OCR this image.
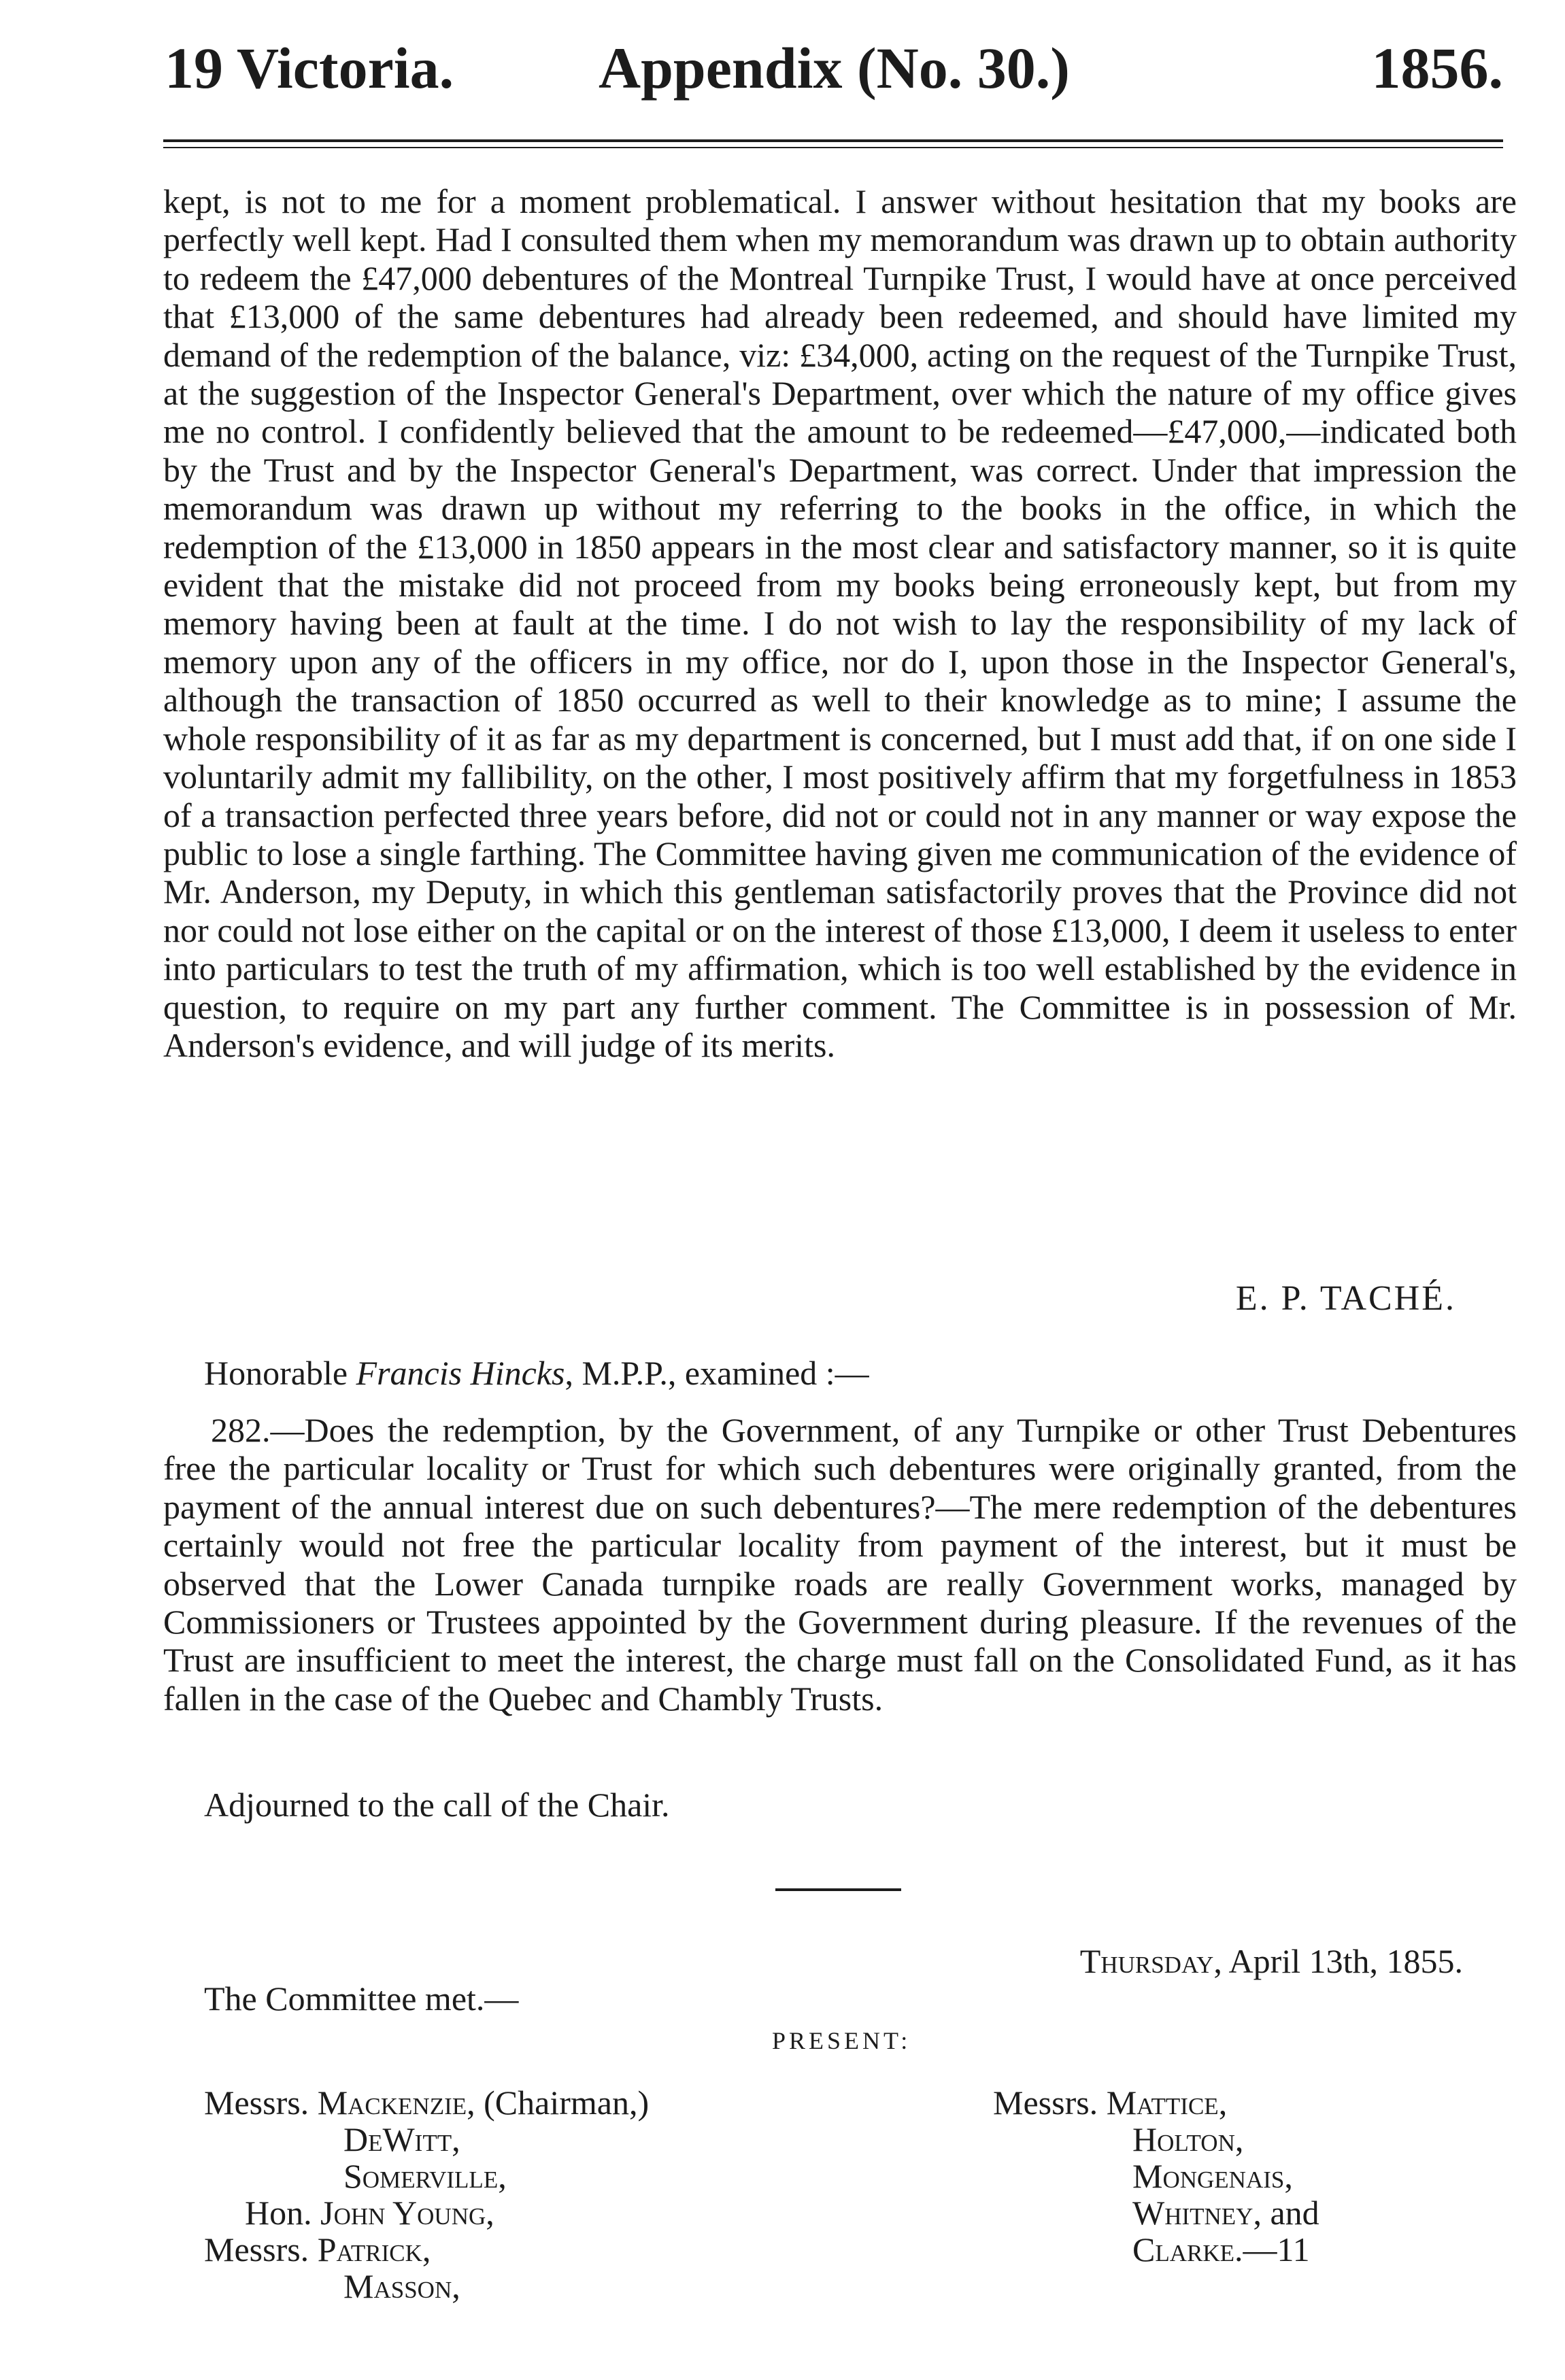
19 Victoria. Appendix (No. 30.)	1856.

kept, is not to me for a moment problematical. I answer without hesitation that my books are perfectly well kept. Had I consulted them when my memorandum was drawn up to obtain authority to redeem the £47,000 debentures of the Montreal Turnpike Trust, I would have at once perceived that £13,000 of the same debentures had already been redeemed, and should have limited my demand of the redemption of the balance, viz: £34,000, acting on the request of the Turnpike Trust, at the suggestion of the Inspector General's Department, over which the nature of my office gives me no control. I confidently believed that the amount to be redeemed—£47,000,—indicated both by the Trust and by the Inspector General's Department, was correct. Under that impression the memorandum was drawn up without my referring to the books in the office, in which the redemption of the £13,000 in 1850 appears in the most clear and satisfactory manner, so it is quite evident that the mistake did not proceed from my books being erroneously kept, but from my memory having been at fault at the time. I do not wish to lay the responsibility of my lack of memory upon any of the officers in my office, nor do I, upon those in the Inspector General's, although the transaction of 1850 occurred as well to their knowledge as to mine; I assume the whole responsibility of it as far as my department is concerned, but I must add that, if on one side I voluntarily admit my fallibility, on the other, I most positively affirm that my forgetfulness in 1853 of a transaction perfected three years before, did not or could not in any manner or way expose the public to lose a single farthing. The Committee having given me communication of the evidence of Mr. Anderson, my Deputy, in which this gentleman satisfactorily proves that the Province did not nor could not lose either on the capital or on the interest of those £13,000, I deem it useless to enter into particulars to test the truth of my affirmation, which is too well established by the evidence in question, to require on my part any further comment. The Committee is in possession of Mr. Anderson's evidence, and will judge of its merits.

E. P. TACHÉ.
Honorable Francis Hincks, M.P.P., examined :—

282.—Does the redemption, by the Government, of any Turnpike or other Trust Debentures free the particular locality or Trust for which such debentures were originally granted, from the payment of the annual interest due on such debentures?—The mere redemption of the debentures certainly would not free the particular locality from payment of the interest, but it must be observed that the Lower Canada turnpike roads are really Government works, managed by Commissioners or Trustees appointed by the Government during pleasure. If the revenues of the Trust are insufficient to meet the interest, the charge must fall on the Consolidated Fund, as it has fallen in the case of the Quebec and Chambly Trusts.

Adjourned to the call of the Chair.
Thursday, April 13th, 1855.
The Committee met.—
PRESENT:
Messrs. Mackenzie, (Chairman,)
DeWitt,
Somerville,
Hon. John Young,
Messrs. Patrick,
Masson,
Messrs. Mattice,
Holton,
Mongenais,
Whitney, and
Clarke.—11
